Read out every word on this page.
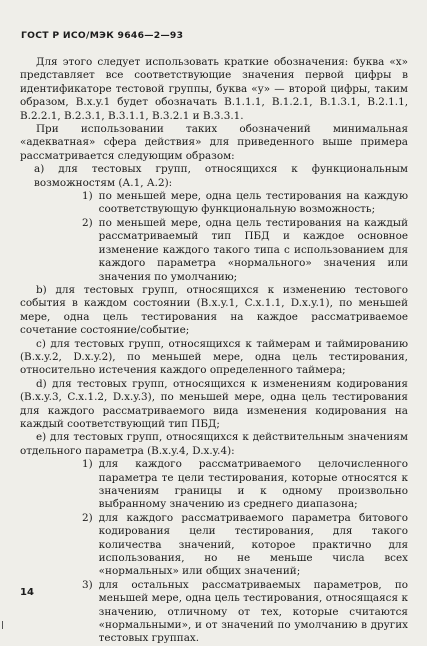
ГОСТ Р ИСО/МЭК 9646—2—93

Для этого следует использовать краткие обозначения: буква «х» представляет все соответствующие значения первой цифры в идентификаторе тестовой группы, буква «у» — второй цифры, таким образом, B.x.y.1 будет обозначать B.1.1.1, B.1.2.1, B.1.3.1, B.2.1.1, B.2.2.1, B.2.3.1, B.3.1.1, B.3.2.1 и B.3.3.1.

При использовании таких обозначений минимальная «адекватная» сфера действия» для приведенного выше примера рассматривается следующим образом:

а) для тестовых групп, относящихся к функциональным возможностям (А.1, А.2):

1) по меньшей мере, одна цель тестирования на каждую соответствующую функциональную возможность;
2) по меньшей мере, одна цель тестирования на каждый рассматриваемый тип ПБД и каждое основное изменение каждого такого типа с использованием для каждого параметра «нормального» значения или значения по умолчанию;

b) для тестовых групп, относящихся к изменению тестового события в каждом состоянии (B.x.y.1, C.x.1.1, D.x.y.1), по меньшей мере, одна цель тестирования на каждое рассматриваемое сочетание состояние/событие;

с) для тестовых групп, относящихся к таймерам и таймированию (B.x.y.2, D.x.y.2), по меньшей мере, одна цель тестирования, относительно истечения каждого определенного таймера;

d) для тестовых групп, относящихся к изменениям кодирования (B.x.y.3, C.x.1.2, D.x.y.3), по меньшей мере, одна цель тестирования для каждого рассматриваемого вида изменения кодирования на каждый соответствующий тип ПБД;

е) для тестовых групп, относящихся к действительным значениям отдельного параметра (B.x.y.4, D.x.y.4):

1) для каждого рассматриваемого целочисленного параметра те цели тестирования, которые относятся к значениям границы и к одному произвольно выбранному значению из среднего диапазона;
2) для каждого рассматриваемого параметра битового кодирования цели тестирования, для такого количества значений, которое практично для использования, но не меньше числа всех «нормальных» или общих значений;
3) для остальных рассматриваемых параметров, по меньшей мере, одна цель тестирования, относящаяся к значению, отличному от тех, которые считаются «нормальными», и от значений по умолчанию в других тестовых группах.
14
